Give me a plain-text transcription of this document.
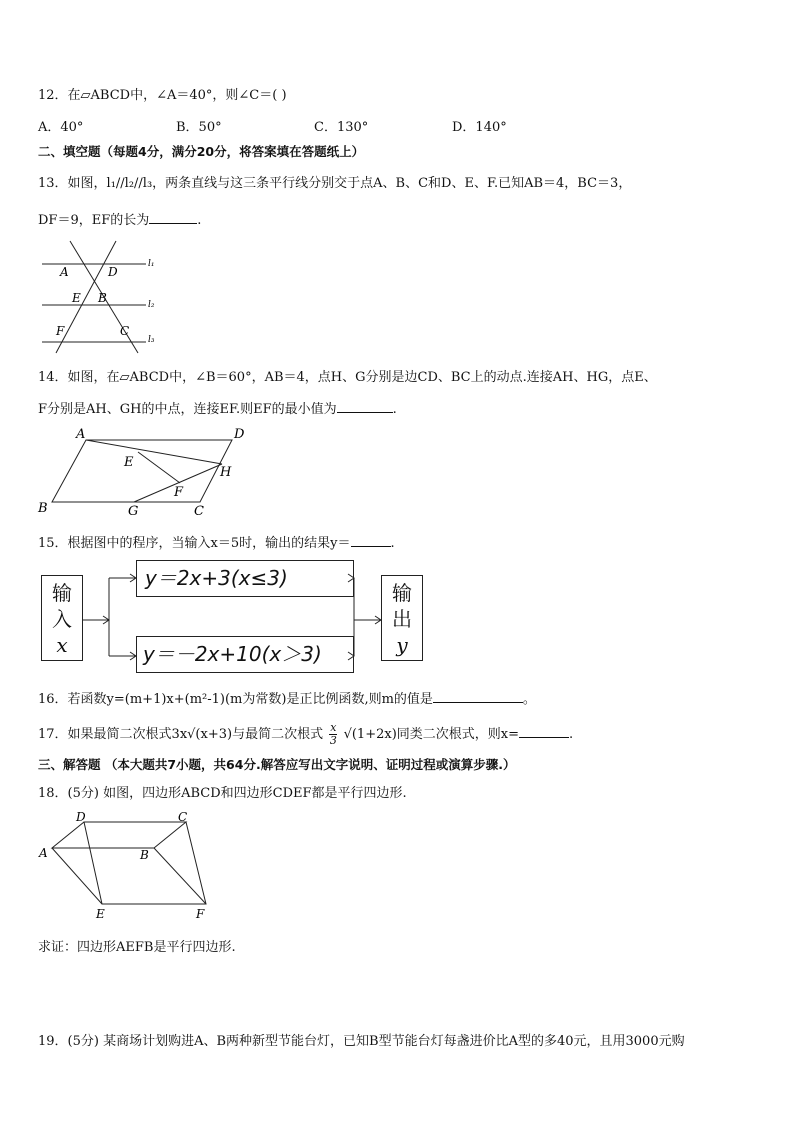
12．在▱ABCD中，∠A＝40°，则∠C＝( )
A．40°	B．50°	C．130°	D．140°
二、填空题（每题4分，满分20分，将答案填在答题纸上）
13．如图，l₁//l₂//l₃，两条直线与这三条平行线分别交于点A、B、C和D、E、F.已知AB＝4，BC＝3，
DF＝9，EF的长为	.
A	D
E B
F	C
l₁
l₂
l₃
14．如图，在▱ABCD中，∠B＝60°，AB＝4，点H、G分别是边CD、BC上的动点.连接AH、HG，点E、
F分别是AH、GH的中点，连接EF.则EF的最小值为	.
A	D
E
H
F
B	G	C
15．根据图中的程序，当输入x＝5时，输出的结果y＝	.
输
入
x
y＝2x+3(x≤3)
y＝－2x+10(x＞3)
输
出
y
16．若函数y=(m+1)x+(m²-1)(m为常数)是正比例函数,则m的值是	。
17．如果最简二次根式3x√(x+3)与最简二次根式 $\frac{x}{3} √(1+2x)$同类二次根式，则x=	.
三、解答题 （本大题共7小题，共64分.解答应写出文字说明、证明过程或演算步骤.）
18．(5分) 如图，四边形ABCD和四边形CDEF都是平行四边形.
D	C
A	B
E	F
求证：四边形AEFB是平行四边形.
19．(5分) 某商场计划购进A、B两种新型节能台灯，已知B型节能台灯每盏进价比A型的多40元，且用3000元购
